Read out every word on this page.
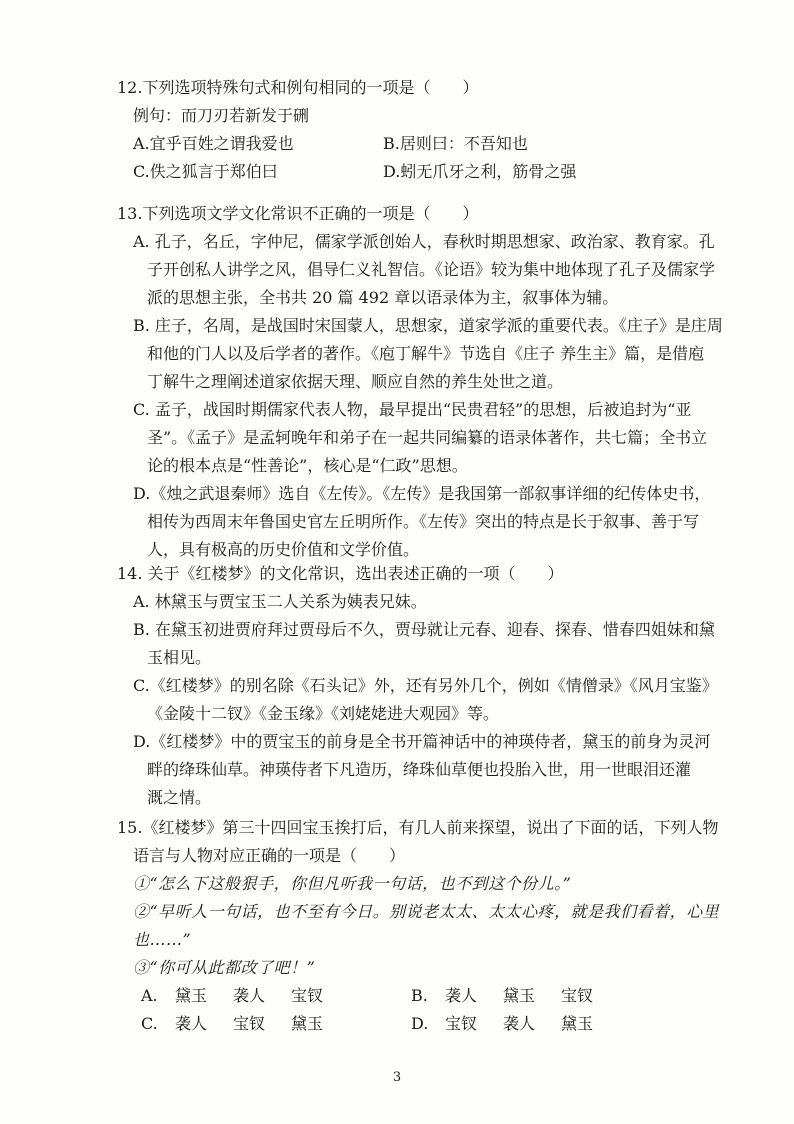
12.下列选项特殊句式和例句相同的一项是（　　）
例句：而刀刃若新发于硎
A.宜乎百姓之谓我爱也	B.居则曰：不吾知也
C.佚之狐言于郑伯曰	D.蚓无爪牙之利，筋骨之强
13.下列选项文学文化常识不正确的一项是（　　）
A. 孔子，名丘，字仲尼，儒家学派创始人，春秋时期思想家、政治家、教育家。孔
子开创私人讲学之风，倡导仁义礼智信。《论语》较为集中地体现了孔子及儒家学
派的思想主张，全书共 20 篇 492 章以语录体为主，叙事体为辅。
B. 庄子，名周，是战国时宋国蒙人，思想家，道家学派的重要代表。《庄子》是庄周
和他的门人以及后学者的著作。《庖丁解牛》节选自《庄子 养生主》篇，是借庖
丁解牛之理阐述道家依据天理、顺应自然的养生处世之道。
C. 孟子，战国时期儒家代表人物，最早提出“民贵君轻”的思想，后被追封为“亚
圣”。《孟子》是孟轲晚年和弟子在一起共同编纂的语录体著作，共七篇；全书立
论的根本点是“性善论”，核心是“仁政”思想。
D.《烛之武退秦师》选自《左传》。《左传》是我国第一部叙事详细的纪传体史书，
相传为西周末年鲁国史官左丘明所作。《左传》突出的特点是长于叙事、善于写
人，具有极高的历史价值和文学价值。
14. 关于《红楼梦》的文化常识，选出表述正确的一项（　　）
A. 林黛玉与贾宝玉二人关系为姨表兄妹。
B. 在黛玉初进贾府拜过贾母后不久，贾母就让元春、迎春、探春、惜春四姐妹和黛
玉相见。
C.《红楼梦》的别名除《石头记》外，还有另外几个，例如《情僧录》《风月宝鉴》
《金陵十二钗》《金玉缘》《刘姥姥进大观园》等。
D.《红楼梦》中的贾宝玉的前身是全书开篇神话中的神瑛侍者，黛玉的前身为灵河
畔的绛珠仙草。神瑛侍者下凡造历，绛珠仙草便也投胎入世，用一世眼泪还灌
溉之情。
15.《红楼梦》第三十四回宝玉挨打后，有几人前来探望，说出了下面的话，下列人物
语言与人物对应正确的一项是（　　）
①“怎么下这般狠手，你但凡听我一句话，也不到这个份儿。”
②“早听人一句话，也不至有今日。别说老太太、太太心疼，就是我们看着，心里
也……”
③“你可从此都改了吧！”
A.	黛玉	袭人	宝钗	B.	袭人	黛玉	宝钗
C.	袭人	宝钗	黛玉	D.	宝钗	袭人	黛玉
3
